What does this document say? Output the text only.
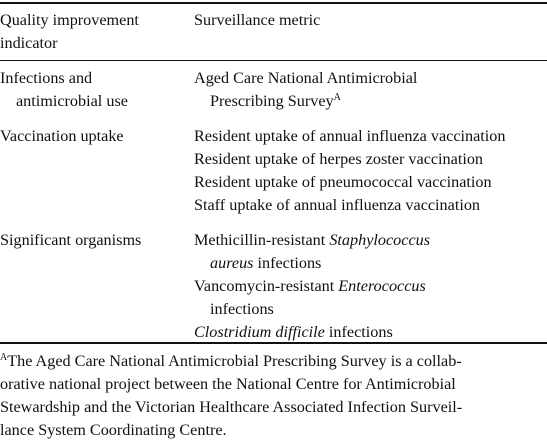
Quality improvement
indicator
Surveillance metric
Infections and
antimicrobial use
Aged Care National Antimicrobial
Prescribing Survey$^A$
Vaccination uptake	Resident uptake of annual influenza vaccination
Resident uptake of herpes zoster vaccination
Resident uptake of pneumococcal vaccination
Staff uptake of annual influenza vaccination
Significant organisms	Methicillin-resistant Staphylococcus
aureus infections
Vancomycin-resistant Enterococcus
infections
Clostridium difficile infections
$^A$The Aged Care National Antimicrobial Prescribing Survey is a collab-
orative national project between the National Centre for Antimicrobial
Stewardship and the Victorian Healthcare Associated Infection Surveil-
lance System Coordinating Centre.
